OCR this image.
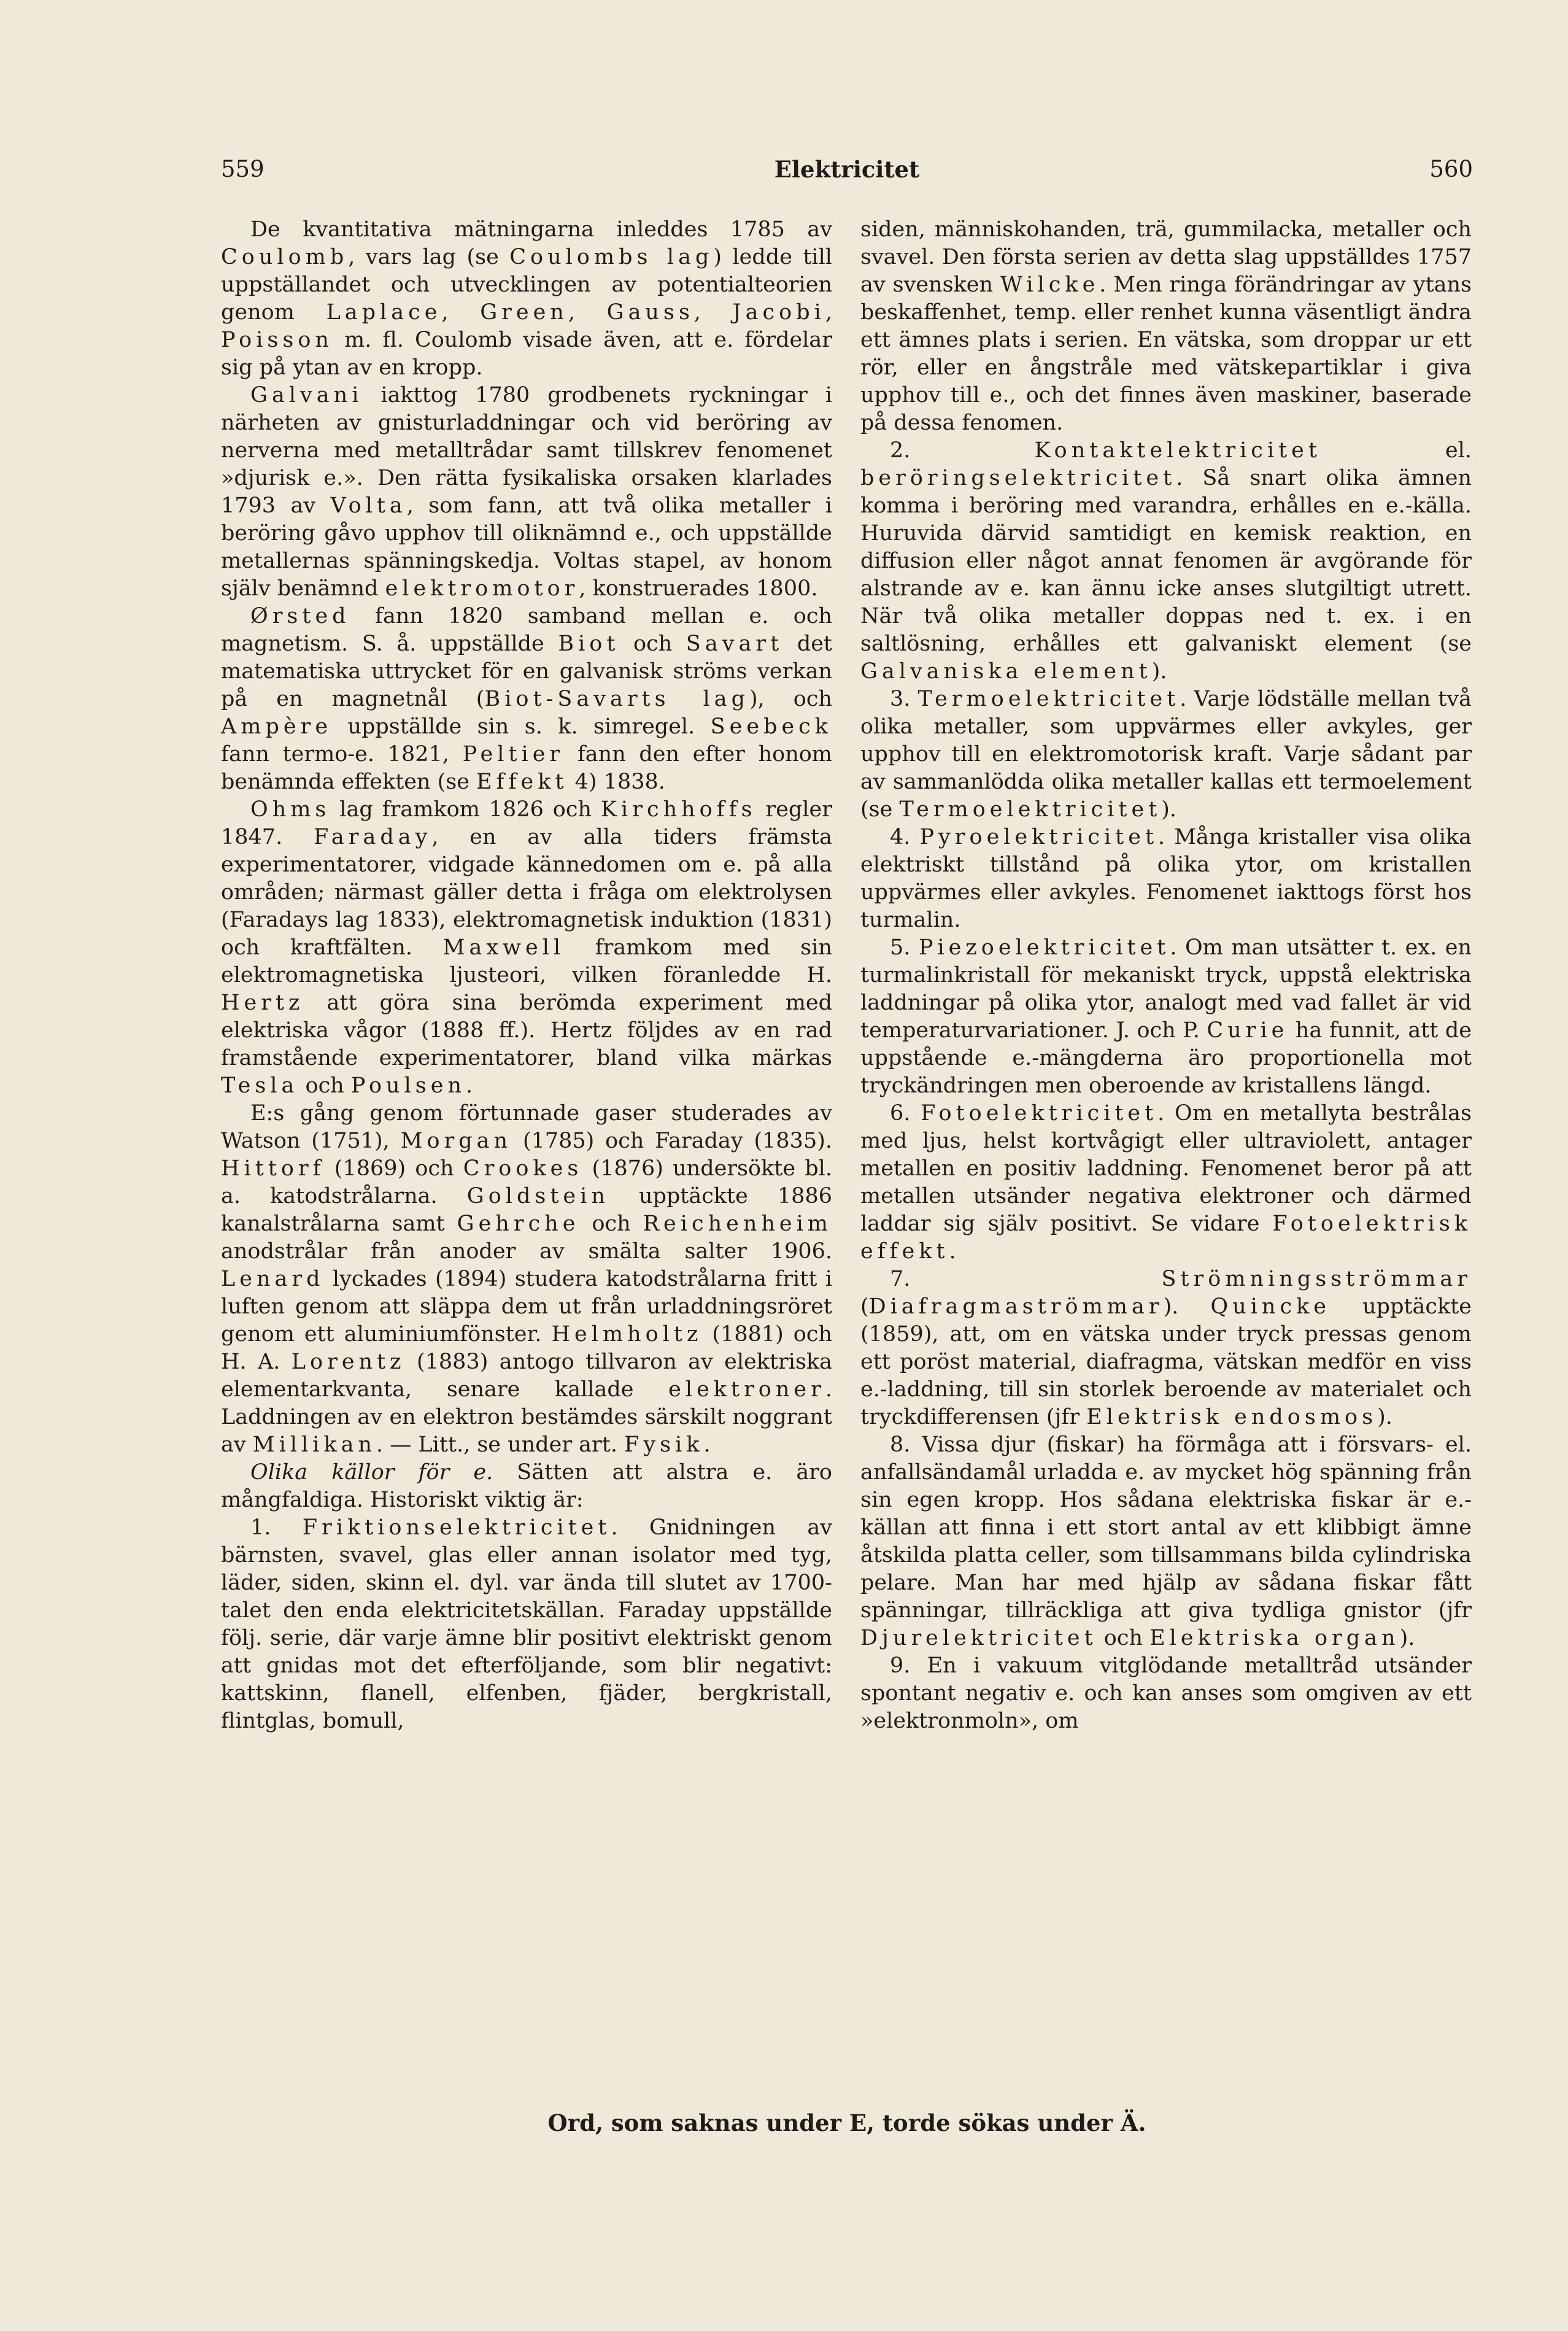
559	Elektricitet	560

De kvantitativa mätningarna inleddes 1785 av Coulomb, vars lag (se Coulombs lag) ledde till uppställandet och utvecklingen av potentialteorien genom Laplace, Green, Gauss, Jacobi, Poisson m. fl. Coulomb visade även, att e. fördelar sig på ytan av en kropp.

Galvani iakttog 1780 grodbenets ryckningar i närheten av gnisturladdningar och vid beröring av nerverna med metalltrådar samt tillskrev fenomenet »djurisk e.». Den rätta fysikaliska orsaken klarlades 1793 av Volta, som fann, att två olika metaller i beröring gåvo upphov till oliknämnd e., och uppställde metallernas spänningskedja. Voltas stapel, av honom själv benämnd elektromotor, konstruerades 1800.

Ørsted fann 1820 samband mellan e. och magnetism. S. å. uppställde Biot och Savart det matematiska uttrycket för en galvanisk ströms verkan på en magnetnål (Biot-Savarts lag), och Ampère uppställde sin s. k. simregel. Seebeck fann termo-e. 1821, Peltier fann den efter honom benämnda effekten (se Effekt 4) 1838.

Ohms lag framkom 1826 och Kirchhoffs regler 1847. Faraday, en av alla tiders främsta experimentatorer, vidgade kännedomen om e. på alla områden; närmast gäller detta i fråga om elektrolysen (Faradays lag 1833), elektromagnetisk induktion (1831) och kraftfälten. Maxwell framkom med sin elektromagnetiska ljusteori, vilken föranledde H. Hertz att göra sina berömda experiment med elektriska vågor (1888 ff.). Hertz följdes av en rad framstående experimentatorer, bland vilka märkas Tesla och Poulsen.

E:s gång genom förtunnade gaser studerades av Watson (1751), Morgan (1785) och Faraday (1835). Hittorf (1869) och Crookes (1876) undersökte bl. a. katodstrålarna. Goldstein upptäckte 1886 kanalstrålarna samt Gehrche och Reichenheim anodstrålar från anoder av smälta salter 1906. Lenard lyckades (1894) studera katodstrålarna fritt i luften genom att släppa dem ut från urladdningsröret genom ett aluminiumfönster. Helmholtz (1881) och H. A. Lorentz (1883) antogo tillvaron av elektriska elementarkvanta, senare kallade elektroner. Laddningen av en elektron bestämdes särskilt noggrant av Millikan. — Litt., se under art. Fysik.

Olika källor för e. Sätten att alstra e. äro mångfaldiga. Historiskt viktig är:

1. Friktionselektricitet. Gnidningen av bärnsten, svavel, glas eller annan isolator med tyg, läder, siden, skinn el. dyl. var ända till slutet av 1700-talet den enda elektricitetskällan. Faraday uppställde följ. serie, där varje ämne blir positivt elektriskt genom att gnidas mot det efterföljande, som blir negativt: kattskinn, flanell, elfenben, fjäder, bergkristall, flintglas, bomull,

siden, människohanden, trä, gummilacka, metaller och svavel. Den första serien av detta slag uppställdes 1757 av svensken Wilcke. Men ringa förändringar av ytans beskaffenhet, temp. eller renhet kunna väsentligt ändra ett ämnes plats i serien. En vätska, som droppar ur ett rör, eller en ångstråle med vätskepartiklar i giva upphov till e., och det finnes även maskiner, baserade på dessa fenomen.

2. Kontaktelektricitet el. beröringselektricitet. Så snart olika ämnen komma i beröring med varandra, erhålles en e.-källa. Huruvida därvid samtidigt en kemisk reaktion, en diffusion eller något annat fenomen är avgörande för alstrande av e. kan ännu icke anses slutgiltigt utrett. När två olika metaller doppas ned t. ex. i en saltlösning, erhålles ett galvaniskt element (se Galvaniska element).

3. Termoelektricitet. Varje lödställe mellan två olika metaller, som uppvärmes eller avkyles, ger upphov till en elektromotorisk kraft. Varje sådant par av sammanlödda olika metaller kallas ett termoelement (se Termoelektricitet).

4. Pyroelektricitet. Många kristaller visa olika elektriskt tillstånd på olika ytor, om kristallen uppvärmes eller avkyles. Fenomenet iakttogs först hos turmalin.

5. Piezoelektricitet. Om man utsätter t. ex. en turmalinkristall för mekaniskt tryck, uppstå elektriska laddningar på olika ytor, analogt med vad fallet är vid temperaturvariationer. J. och P. Curie ha funnit, att de uppstående e.-mängderna äro proportionella mot tryckändringen men oberoende av kristallens längd.

6. Fotoelektricitet. Om en metallyta bestrålas med ljus, helst kortvågigt eller ultraviolett, antager metallen en positiv laddning. Fenomenet beror på att metallen utsänder negativa elektroner och därmed laddar sig själv positivt. Se vidare Fotoelektrisk effekt.

7. Strömningsströmmar (Diafragmaströmmar). Quincke upptäckte (1859), att, om en vätska under tryck pressas genom ett poröst material, diafragma, vätskan medför en viss e.-laddning, till sin storlek beroende av materialet och tryckdifferensen (jfr Elektrisk endosmos).

8. Vissa djur (fiskar) ha förmåga att i försvars- el. anfallsändamål urladda e. av mycket hög spänning från sin egen kropp. Hos sådana elektriska fiskar är e.-källan att finna i ett stort antal av ett klibbigt ämne åtskilda platta celler, som tillsammans bilda cylindriska pelare. Man har med hjälp av sådana fiskar fått spänningar, tillräckliga att giva tydliga gnistor (jfr Djurelektricitet och Elektriska organ).

9. En i vakuum vitglödande metalltråd utsänder spontant negativ e. och kan anses som omgiven av ett »elektronmoln», om

Ord, som saknas under E, torde sökas under Ä.
